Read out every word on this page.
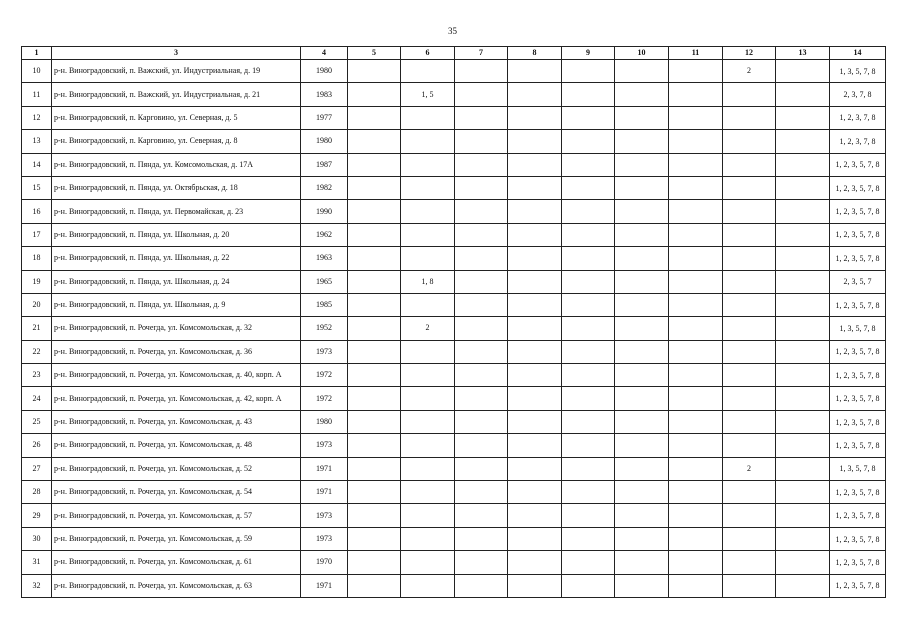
35
1	3	4	5	6	7	8	9	10	11	12	13	14
10	р-н. Виноградовский, п. Важский, ул. Индустриальная, д. 19	1980								2		1, 3, 5, 7, 8
11	р-н. Виноградовский, п. Важский, ул. Индустриальная, д. 21	1983		1, 5								2, 3, 7, 8
12	р-н. Виноградовский, п. Карговино, ул. Северная, д. 5	1977										1, 2, 3, 7, 8
13	р-н. Виноградовский, п. Карговино, ул. Северная, д. 8	1980										1, 2, 3, 7, 8
14	р-н. Виноградовский, п. Пянда, ул. Комсомольская, д. 17А	1987										1, 2, 3, 5, 7, 8
15	р-н. Виноградовский, п. Пянда, ул. Октябрьская, д. 18	1982										1, 2, 3, 5, 7, 8
16	р-н. Виноградовский, п. Пянда, ул. Первомайская, д. 23	1990										1, 2, 3, 5, 7, 8
17	р-н. Виноградовский, п. Пянда, ул. Школьная, д. 20	1962										1, 2, 3, 5, 7, 8
18	р-н. Виноградовский, п. Пянда, ул. Школьная, д. 22	1963										1, 2, 3, 5, 7, 8
19	р-н. Виноградовский, п. Пянда, ул. Школьная, д. 24	1965		1, 8								2, 3, 5, 7
20	р-н. Виноградовский, п. Пянда, ул. Школьная, д. 9	1985										1, 2, 3, 5, 7, 8
21	р-н. Виноградовский, п. Рочегда, ул. Комсомольская, д. 32	1952		2								1, 3, 5, 7, 8
22	р-н. Виноградовский, п. Рочегда, ул. Комсомольская, д. 36	1973										1, 2, 3, 5, 7, 8
23	р-н. Виноградовский, п. Рочегда, ул. Комсомольская, д. 40, корп. А	1972										1, 2, 3, 5, 7, 8
24	р-н. Виноградовский, п. Рочегда, ул. Комсомольская, д. 42, корп. А	1972										1, 2, 3, 5, 7, 8
25	р-н. Виноградовский, п. Рочегда, ул. Комсомольская, д. 43	1980										1, 2, 3, 5, 7, 8
26	р-н. Виноградовский, п. Рочегда, ул. Комсомольская, д. 48	1973										1, 2, 3, 5, 7, 8
27	р-н. Виноградовский, п. Рочегда, ул. Комсомольская, д. 52	1971								2		1, 3, 5, 7, 8
28	р-н. Виноградовский, п. Рочегда, ул. Комсомольская, д. 54	1971										1, 2, 3, 5, 7, 8
29	р-н. Виноградовский, п. Рочегда, ул. Комсомольская, д. 57	1973										1, 2, 3, 5, 7, 8
30	р-н. Виноградовский, п. Рочегда, ул. Комсомольская, д. 59	1973										1, 2, 3, 5, 7, 8
31	р-н. Виноградовский, п. Рочегда, ул. Комсомольская, д. 61	1970										1, 2, 3, 5, 7, 8
32	р-н. Виноградовский, п. Рочегда, ул. Комсомольская, д. 63	1971										1, 2, 3, 5, 7, 8
